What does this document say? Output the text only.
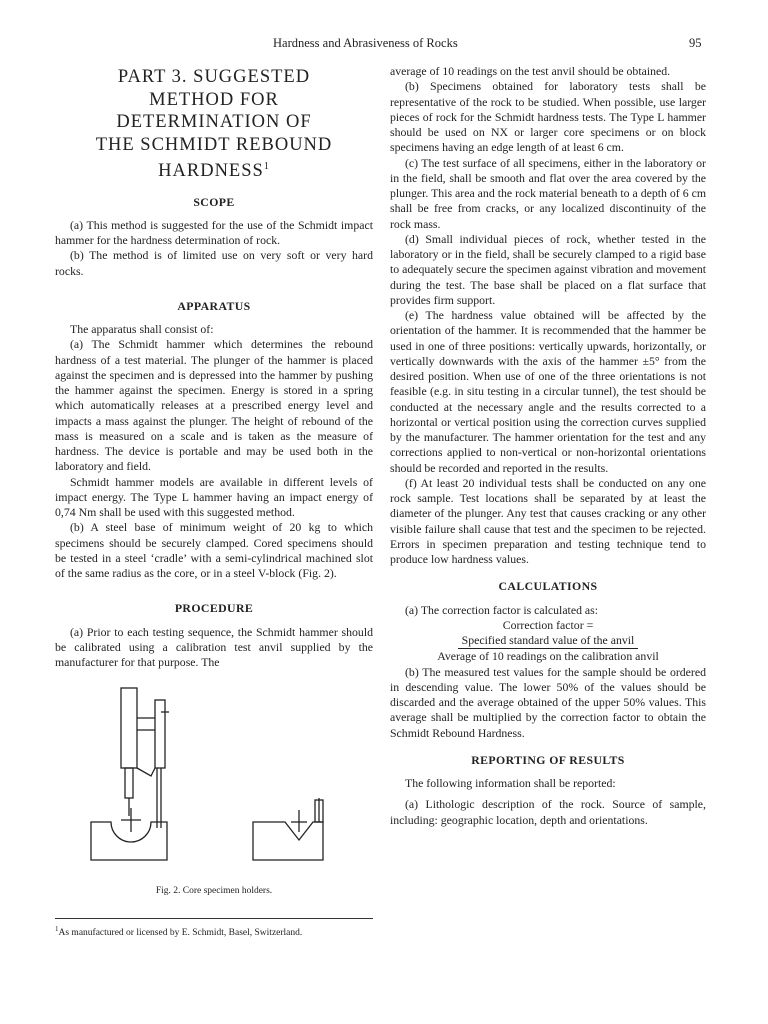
Hardness and Abrasiveness of Rocks	95
PART 3. SUGGESTED
METHOD FOR
DETERMINATION OF
THE SCHMIDT REBOUND
HARDNESS$^1$
SCOPE

(a) This method is suggested for the use of the Schmidt impact hammer for the hardness determination of rock.

(b) The method is of limited use on very soft or very hard rocks.

APPARATUS

The apparatus shall consist of:

(a) The Schmidt hammer which determines the rebound hardness of a test material. The plunger of the hammer is placed against the specimen and is depressed into the hammer by pushing the hammer against the specimen. Energy is stored in a spring which automatically releases at a prescribed energy level and impacts a mass against the plunger. The height of rebound of the mass is measured on a scale and is taken as the measure of hardness. The device is portable and may be used both in the laboratory and field.

Schmidt hammer models are available in different levels of impact energy. The Type L hammer having an impact energy of 0,74 Nm shall be used with this suggested method.

(b) A steel base of minimum weight of 20 kg to which specimens should be securely clamped. Cored specimens should be tested in a steel ‘cradle’ with a semi-cylindrical machined slot of the same radius as the core, or in a steel V-block (Fig. 2).

PROCEDURE

(a) Prior to each testing sequence, the Schmidt hammer should be calibrated using a calibration test anvil supplied by the manufacturer for that purpose. The

Fig. 2. Core specimen holders.
$^1$As manufactured or licensed by E. Schmidt, Basel, Switzerland.

average of 10 readings on the test anvil should be obtained.

(b) Specimens obtained for laboratory tests shall be representative of the rock to be studied. When possible, use larger pieces of rock for the Schmidt hardness tests. The Type L hammer should be used on NX or larger core specimens or on block specimens having an edge length of at least 6 cm.

(c) The test surface of all specimens, either in the laboratory or in the field, shall be smooth and flat over the area covered by the plunger. This area and the rock material beneath to a depth of 6 cm shall be free from cracks, or any localized discontinuity of the rock mass.

(d) Small individual pieces of rock, whether tested in the laboratory or in the field, shall be securely clamped to a rigid base to adequately secure the specimen against vibration and movement during the test. The base shall be placed on a flat surface that provides firm support.

(e) The hardness value obtained will be affected by the orientation of the hammer. It is recommended that the hammer be used in one of three positions: vertically upwards, horizontally, or vertically downwards with the axis of the hammer ±5° from the desired position. When use of one of the three orientations is not feasible (e.g. in situ testing in a circular tunnel), the test should be conducted at the necessary angle and the results corrected to a horizontal or vertical position using the correction curves supplied by the manufacturer. The hammer orientation for the test and any corrections applied to non-vertical or non-horizontal orientations should be recorded and reported in the results.

(f) At least 20 individual tests shall be conducted on any one rock sample. Test locations shall be separated by at least the diameter of the plunger. Any test that causes cracking or any other visible failure shall cause that test and the specimen to be rejected. Errors in specimen preparation and testing technique tend to produce low hardness values.

CALCULATIONS

(a) The correction factor is calculated as:

Correction factor =
Specified standard value of the anvil
Average of 10 readings on the calibration anvil

(b) The measured test values for the sample should be ordered in descending value. The lower 50% of the values should be discarded and the average obtained of the upper 50% values. This average shall be multiplied by the correction factor to obtain the Schmidt Rebound Hardness.

REPORTING OF RESULTS

The following information shall be reported:

(a) Lithologic description of the rock. Source of sample, including: geographic location, depth and orientations.
